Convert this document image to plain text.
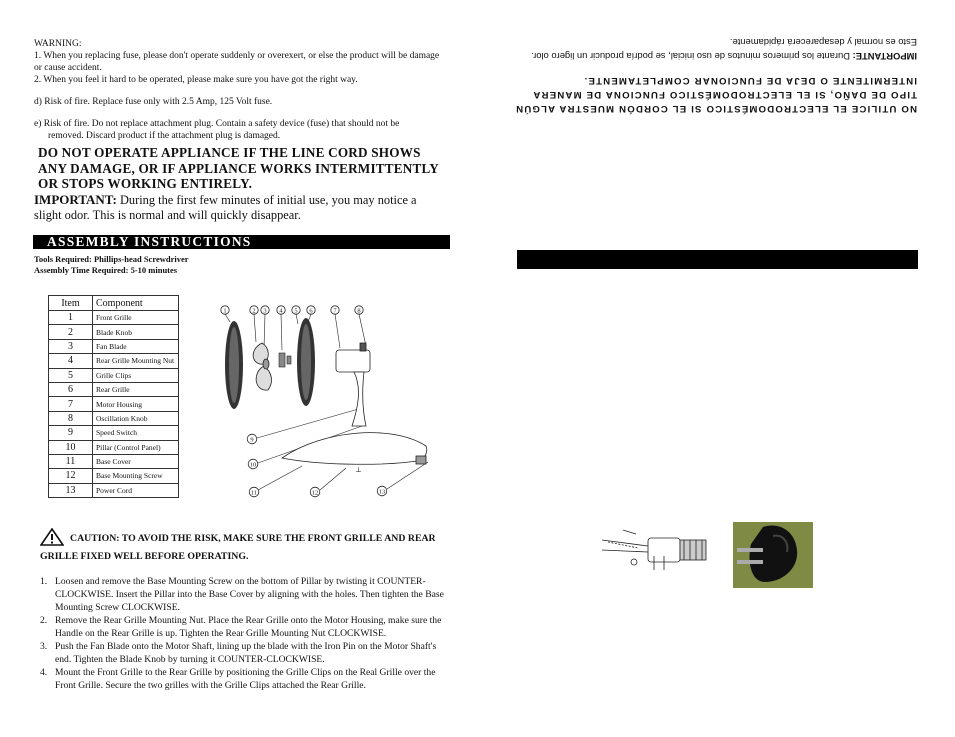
WARNING:

1. When you replacing fuse, please don't operate suddenly or overexert, or else the product will be damage or cause accident.

2. When you feel it hard to be operated, please make sure you have got the right way.

d) Risk of fire. Replace fuse only with 2.5 Amp, 125 Volt fuse.
e) Risk of fire. Do not replace attachment plug. Contain a safety device (fuse) that should not be
removed. Discard product if the attachment plug is damaged.
DO NOT OPERATE APPLIANCE IF THE LINE CORD SHOWS ANY DAMAGE, OR IF APPLIANCE WORKS INTERMITTENTLY OR STOPS WORKING ENTIRELY.
IMPORTANT: During the first few minutes of initial use, you may notice a slight odor. This is normal and will quickly disappear.
ASSEMBLY INSTRUCTIONS
Tools Required: Phillips-head Screwdriver
Assembly Time Required: 5-10 minutes
Item	Component
1	Front Grille
2	Blade Knob
3	Fan Blade
4	Rear Grille Mounting Nut
5	Grille Clips
6	Rear Grille
7	Motor Housing
8	Oscillation Knob
9	Speed Switch
10	Pillar (Control Panel)
11	Base Cover
12	Base Mounting Screw
13	Power Cord
1	2 3 4 5 6	7	8
9
10
11	12	13
⊥
CAUTION: TO AVOID THE RISK, MAKE SURE THE FRONT GRILLE AND REAR GRILLE FIXED WELL BEFORE OPERATING.
1. Loosen and remove the Base Mounting Screw on the bottom of Pillar by twisting it COUNTER-CLOCKWISE. Insert the Pillar into the Base Cover by aligning with the holes. Then tighten the Base Mounting Screw CLOCKWISE.
2. Remove the Rear Grille Mounting Nut. Place the Rear Grille onto the Motor Housing, make sure the Handle on the Rear Grille is up. Tighten the Rear Grille Mounting Nut CLOCKWISE.
3. Push the Fan Blade onto the Motor Shaft, lining up the blade with the Iron Pin on the Motor Shaft's end. Tighten the Blade Knob by turning it COUNTER-CLOCKWISE.
4. Mount the Front Grille to the Rear Grille by positioning the Grille Clips on the Real Grille over the Front Grille. Secure the two grilles with the Grille Clips attached the Rear Grille.
NO UTILICE EL ELECTRODOMÉSTICO SI EL CORDÓN MUESTRA ALGÚN TIPO DE DAÑO, SI EL ELECTRODOMÉSTICO FUNCIONA DE MANERA INTERMITENTE O DEJA DE FUNCIONAR COMPLETAMENTE.
IMPORTANTE: Durante los primeros minutos de uso inicial, se podría producir un ligero olor. Esto es normal y desaparecerá rápidamente.
